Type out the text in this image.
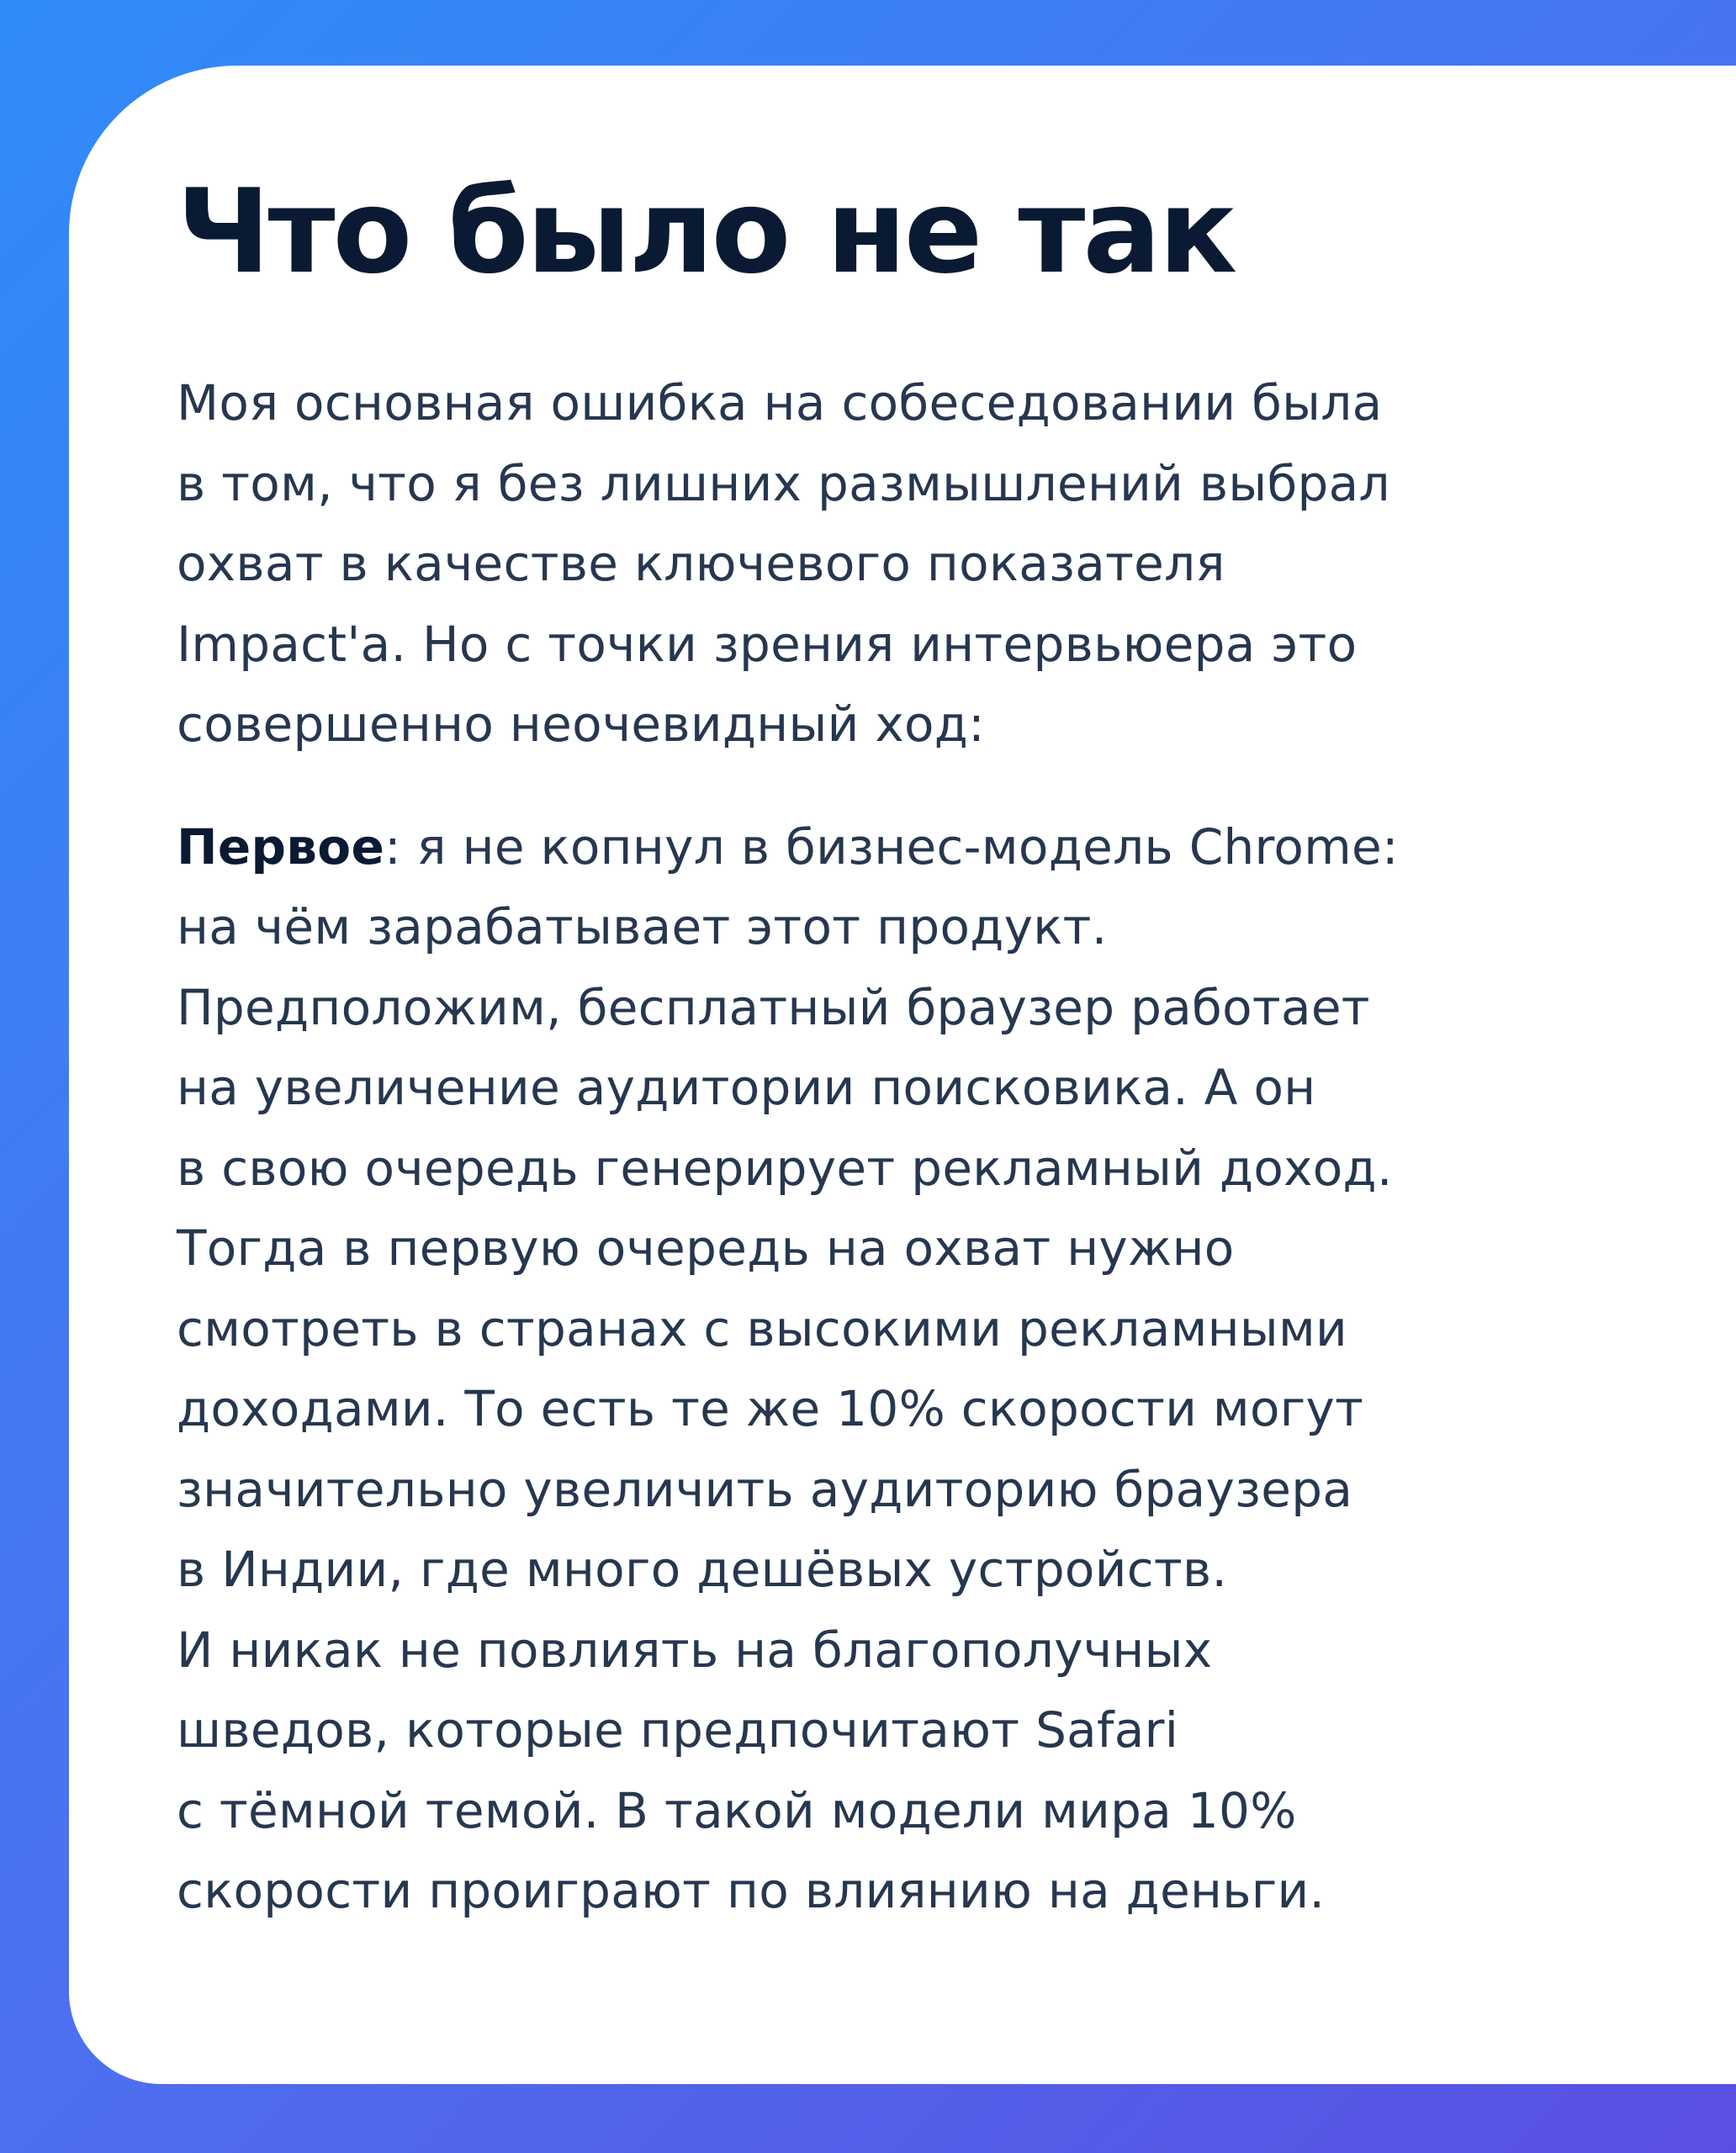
Что было не так

Моя основная ошибка на собеседовании была
в том, что я без лишних размышлений выбрал
охват в качестве ключевого показателя
Impact'a. Но с точки зрения интервьюера это
совершенно неочевидный ход:

Первое: я не копнул в бизнес-модель Chrome:
на чём зарабатывает этот продукт.
Предположим, бесплатный браузер работает
на увеличение аудитории поисковика. А он
в свою очередь генерирует рекламный доход.
Тогда в первую очередь на охват нужно
смотреть в странах с высокими рекламными
доходами. То есть те же 10% скорости могут
значительно увеличить аудиторию браузера
в Индии, где много дешёвых устройств.
И никак не повлиять на благополучных
шведов, которые предпочитают Safari
с тёмной темой. В такой модели мира 10%
скорости проиграют по влиянию на деньги.
